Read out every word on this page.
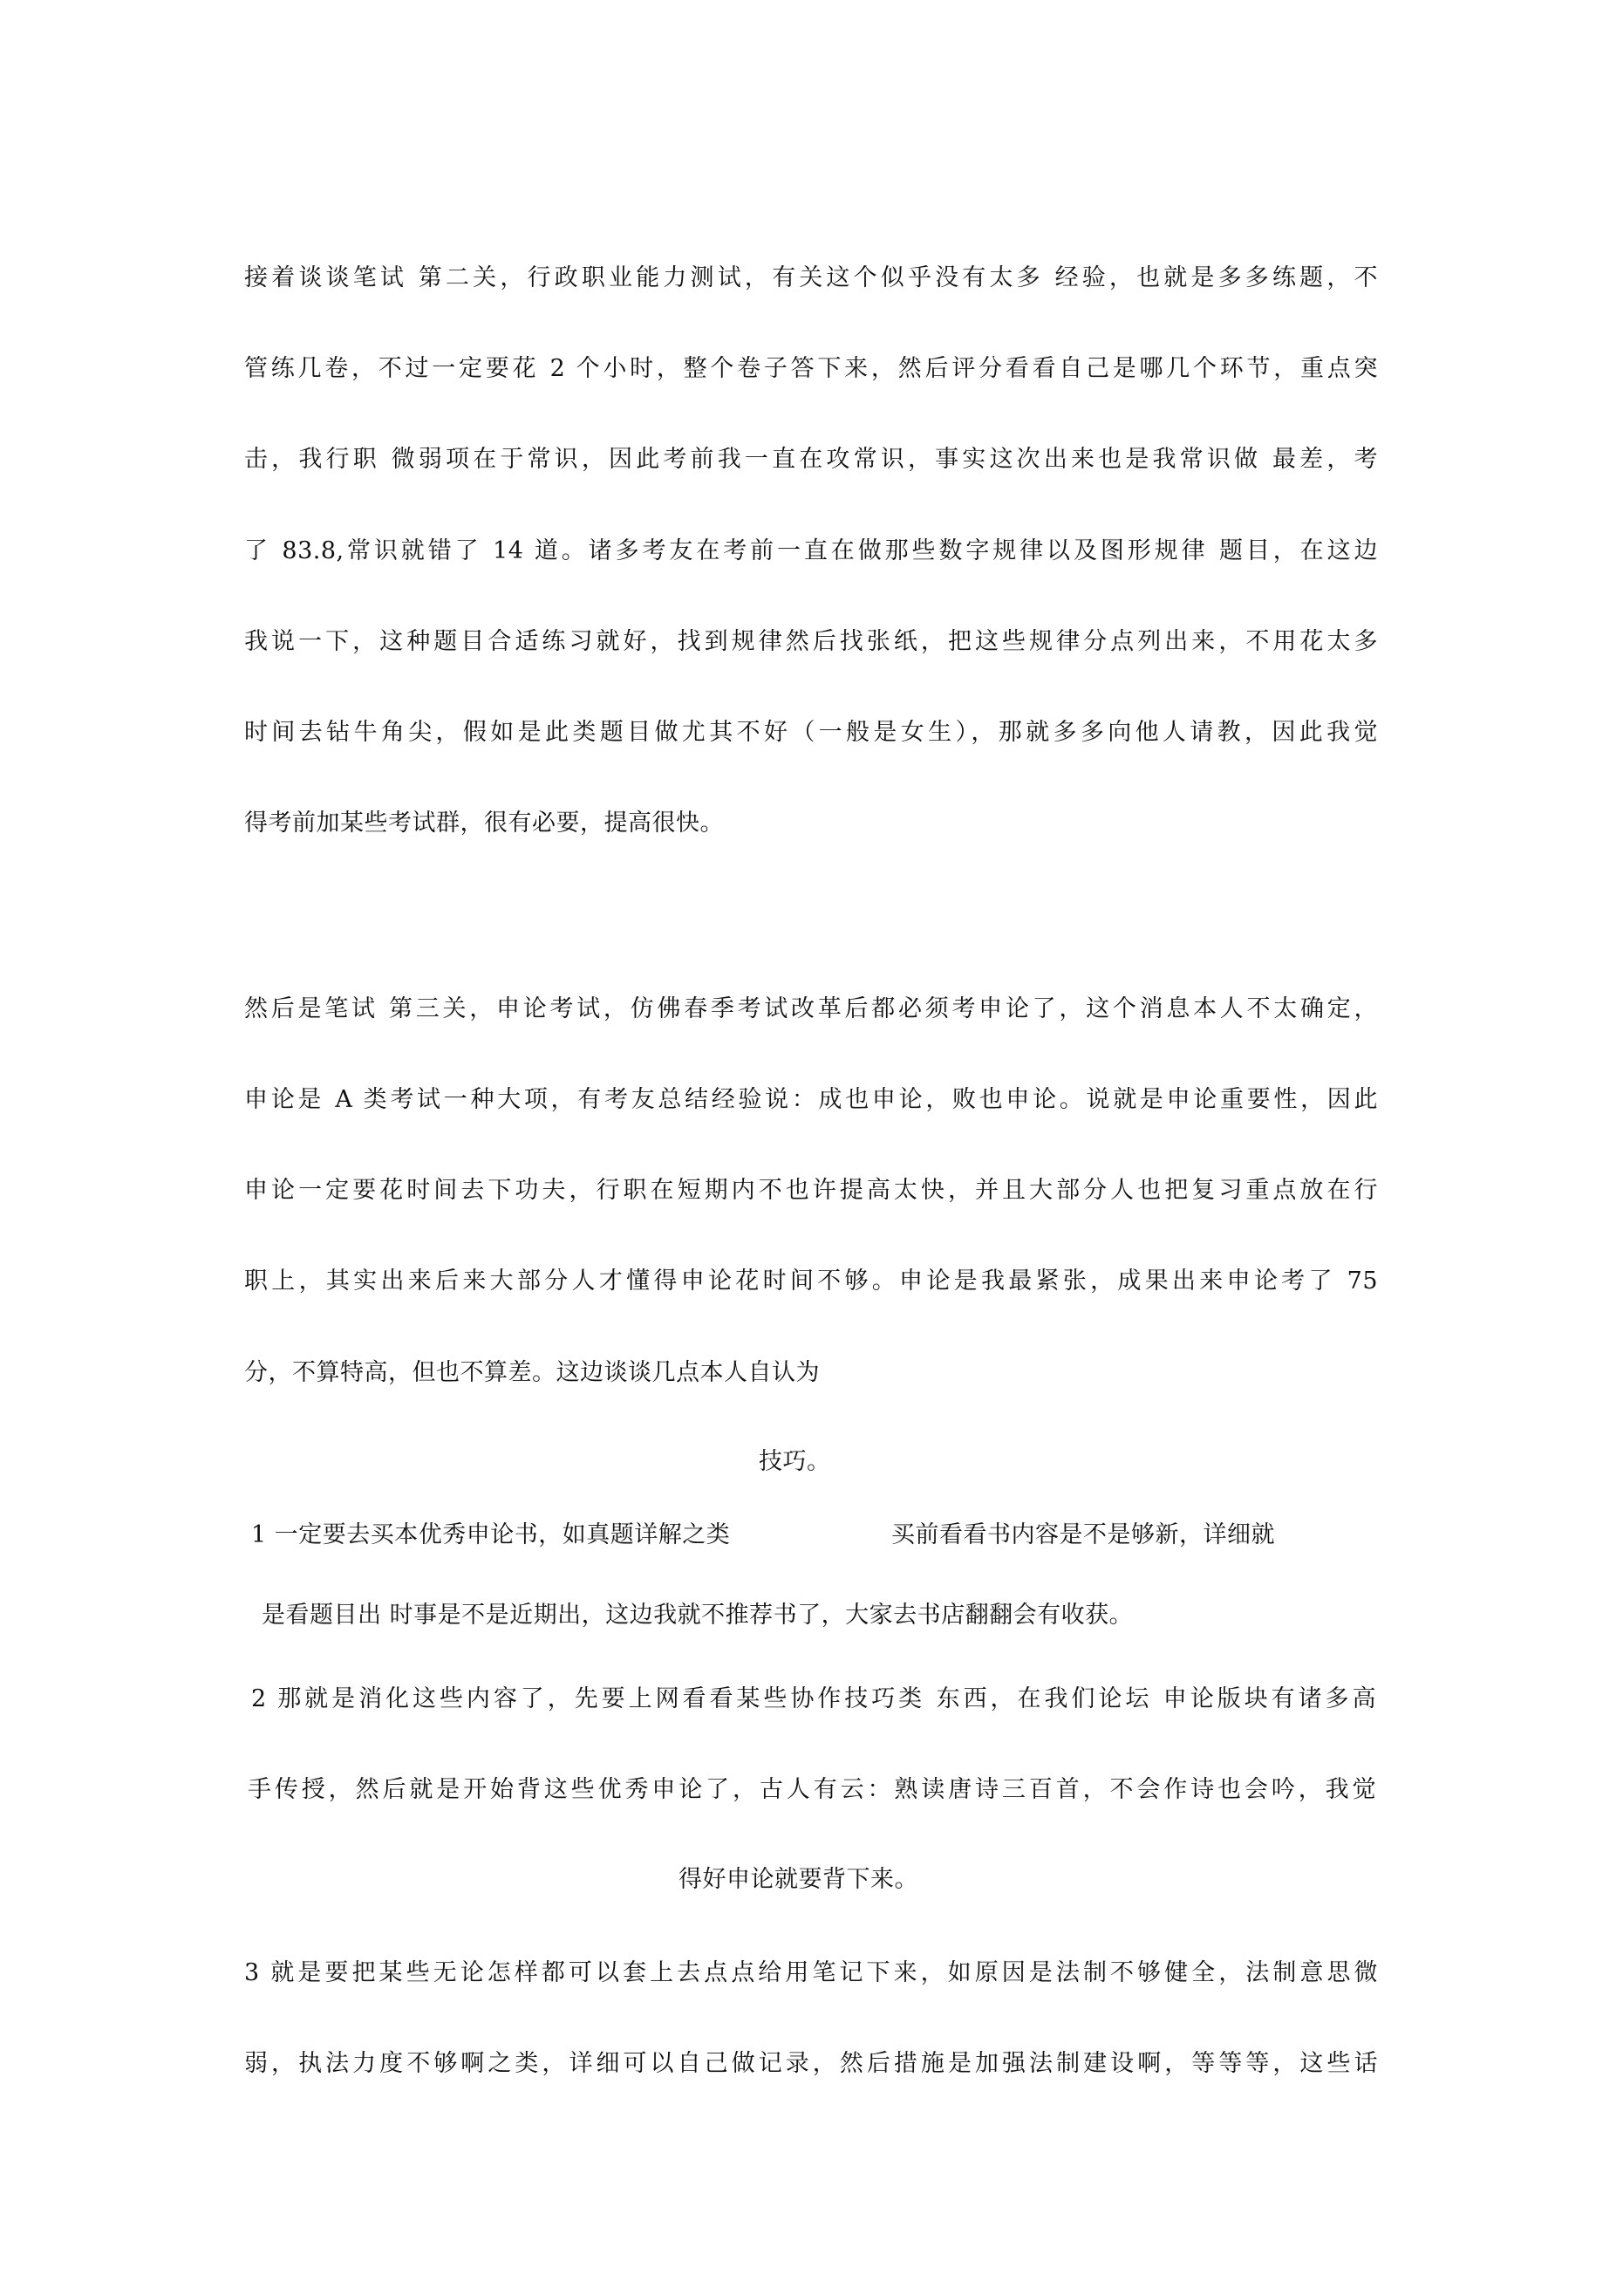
接着谈谈笔试 第二关，行政职业能力测试，有关这个似乎没有太多 经验，也就是多多练题，不
管练几卷，不过一定要花 2 个小时，整个卷子答下来，然后评分看看自己是哪几个环节，重点突
击，我行职 微弱项在于常识，因此考前我一直在攻常识，事实这次出来也是我常识做 最差，考
了 83.8,常识就错了 14 道。诸多考友在考前一直在做那些数字规律以及图形规律 题目，在这边
我说一下，这种题目合适练习就好，找到规律然后找张纸，把这些规律分点列出来，不用花太多
时间去钻牛角尖，假如是此类题目做尤其不好（一般是女生），那就多多向他人请教，因此我觉
得考前加某些考试群，很有必要，提高很快。
然后是笔试 第三关，申论考试，仿佛春季考试改革后都必须考申论了，这个消息本人不太确定，
申论是 A 类考试一种大项，有考友总结经验说：成也申论，败也申论。说就是申论重要性，因此
申论一定要花时间去下功夫，行职在短期内不也许提高太快，并且大部分人也把复习重点放在行
职上，其实出来后来大部分人才懂得申论花时间不够。申论是我最紧张，成果出来申论考了 75
分，不算特高，但也不算差。这边谈谈几点本人自认为
技巧。
1 一定要去买本优秀申论书，如真题详解之类	买前看看书内容是不是够新，详细就
是看题目出 时事是不是近期出，这边我就不推荐书了，大家去书店翻翻会有收获。
2 那就是消化这些内容了，先要上网看看某些协作技巧类 东西，在我们论坛 申论版块有诸多高
手传授，然后就是开始背这些优秀申论了，古人有云：熟读唐诗三百首，不会作诗也会吟，我觉
得好申论就要背下来。
3 就是要把某些无论怎样都可以套上去点点给用笔记下来，如原因是法制不够健全，法制意思微
弱，执法力度不够啊之类，详细可以自己做记录，然后措施是加强法制建设啊，等等等，这些话
